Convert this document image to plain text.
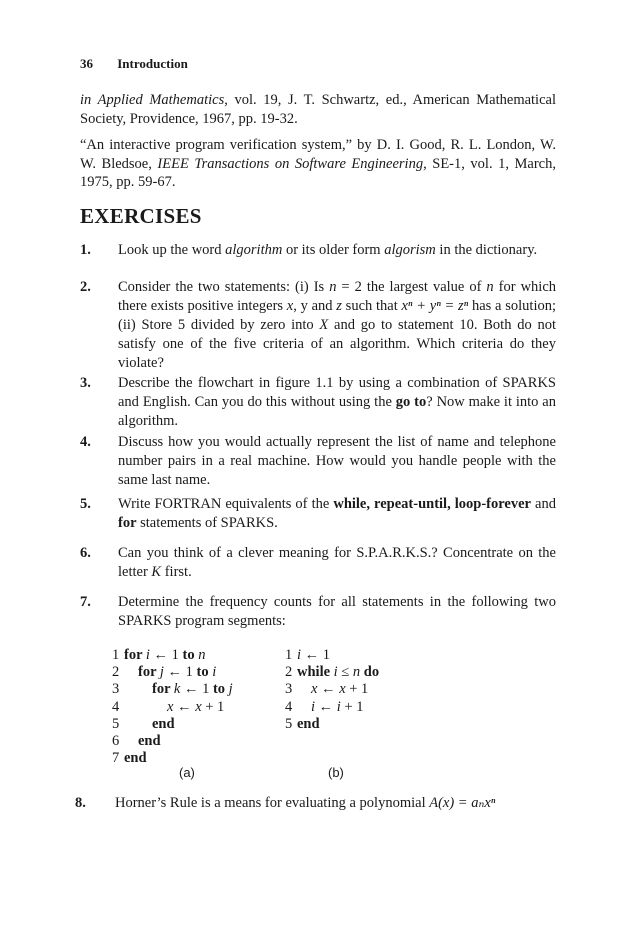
36 Introduction

in Applied Mathematics, vol. 19, J. T. Schwartz, ed., American Mathematical Society, Providence, 1967, pp. 19-32.

“An interactive program verification system,” by D. I. Good, R. L. London, W. W. Bledsoe, IEEE Transactions on Software Engineering, SE-1, vol. 1, March, 1975, pp. 59-67.

EXERCISES
1.	Look up the word algorithm or its older form algorism in the dictionary.
2.	Consider the two statements: (i) Is n = 2 the largest value of n for which there exists positive integers x, y and z such that xⁿ + yⁿ = zⁿ has a solution; (ii) Store 5 divided by zero into X and go to statement 10. Both do not satisfy one of the five criteria of an algorithm. Which criteria do they violate?
3.	Describe the flowchart in figure 1.1 by using a combination of SPARKS and English. Can you do this without using the go to? Now make it into an algorithm.
4.	Discuss how you would actually represent the list of name and telephone number pairs in a real machine. How would you handle people with the same last name.
5.	Write FORTRAN equivalents of the while, repeat-until, loop-forever and for statements of SPARKS.
6.	Can you think of a clever meaning for S.P.A.R.K.S.? Concentrate on the letter K first.
7.	Determine the frequency counts for all statements in the following two SPARKS program segments:
1 for i ← 1 to n
2 for j ← 1 to i
3 for k ← 1 to j
4	x ← x + 1
5 end
6 end
7 end
1 i ← 1
2 while i ≤ n do
3 x ← x + 1
4 i ← i + 1
5 end
(a)	(b)
8.	Horner’s Rule is a means for evaluating a polynomial A(x) = aₙxⁿ
